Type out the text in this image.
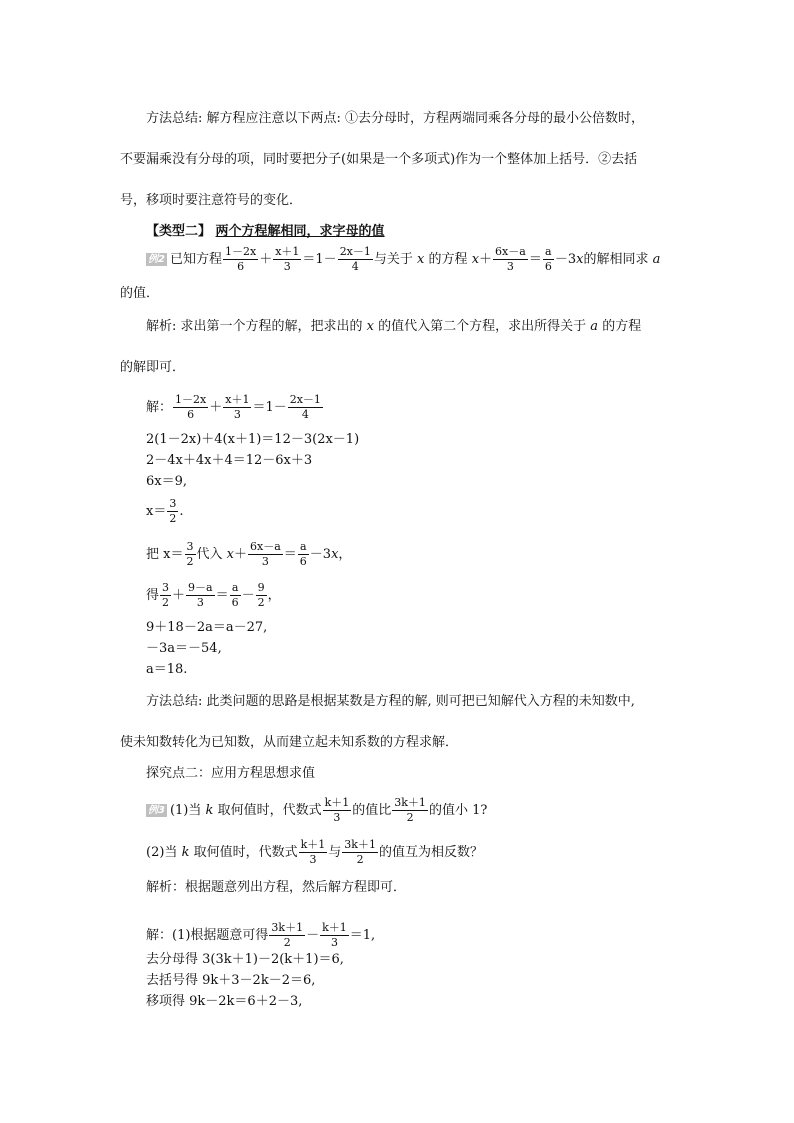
方法总结: 解方程应注意以下两点: ①去分母时，方程两端同乘各分母的最小公倍数时，
不要漏乘没有分母的项，同时要把分子(如果是一个多项式)作为一个整体加上括号．②去括
号，移项时要注意符号的变化．
【类型二】 两个方程解相同，求字母的值
例2 已知方程 $\frac{1-2x}{6} + \frac{x+1}{3} =1- \frac{2x-1}{4}$ 与关于 x 的方程 $x+ \frac{6x-a}{3} = \frac{a}{6} -3x$的解相同求 a
的值．
解析: 求出第一个方程的解，把求出的 x 的值代入第二个方程，求出所得关于 a 的方程
的解即可．
解： $\frac{1-2x}{6} + \frac{x+1}{3} =1- \frac{2x-1}{4}$
2(1－2x)＋4(x＋1)＝12－3(2x－1)
2－4x＋4x＋4＝12－6x＋3
6x＝9,
$x= \frac{3}{2}$ .
把 $x= \frac{3}{2}$ 代入 $x+ \frac{6x-a}{3} = \frac{a}{6} -3x$，
得 $\frac{3}{2} + \frac{9-a}{3} = \frac{a}{6} - \frac{9}{2}$ ，
9＋18－2a＝a－27,
－3a＝－54,
a＝18.
方法总结: 此类问题的思路是根据某数是方程的解, 则可把已知解代入方程的未知数中,
使未知数转化为已知数，从而建立起未知系数的方程求解．
探究点二：应用方程思想求值
例3 (1)当 k 取何值时，代数式 $\frac{k+1}{3}$ 的值比 $\frac{3k+1}{2}$ 的值小 1?
(2)当 k 取何值时，代数式 $\frac{k+1}{3}$ 与 $\frac{3k+1}{2}$ 的值互为相反数？
解析：根据题意列出方程，然后解方程即可．
解：(1)根据题意可得 $\frac{3k+1}{2} - \frac{k+1}{3} =1$,
去分母得 3(3k＋1)－2(k＋1)＝6,
去括号得 9k＋3－2k－2＝6,
移项得 9k－2k＝6＋2－3,
